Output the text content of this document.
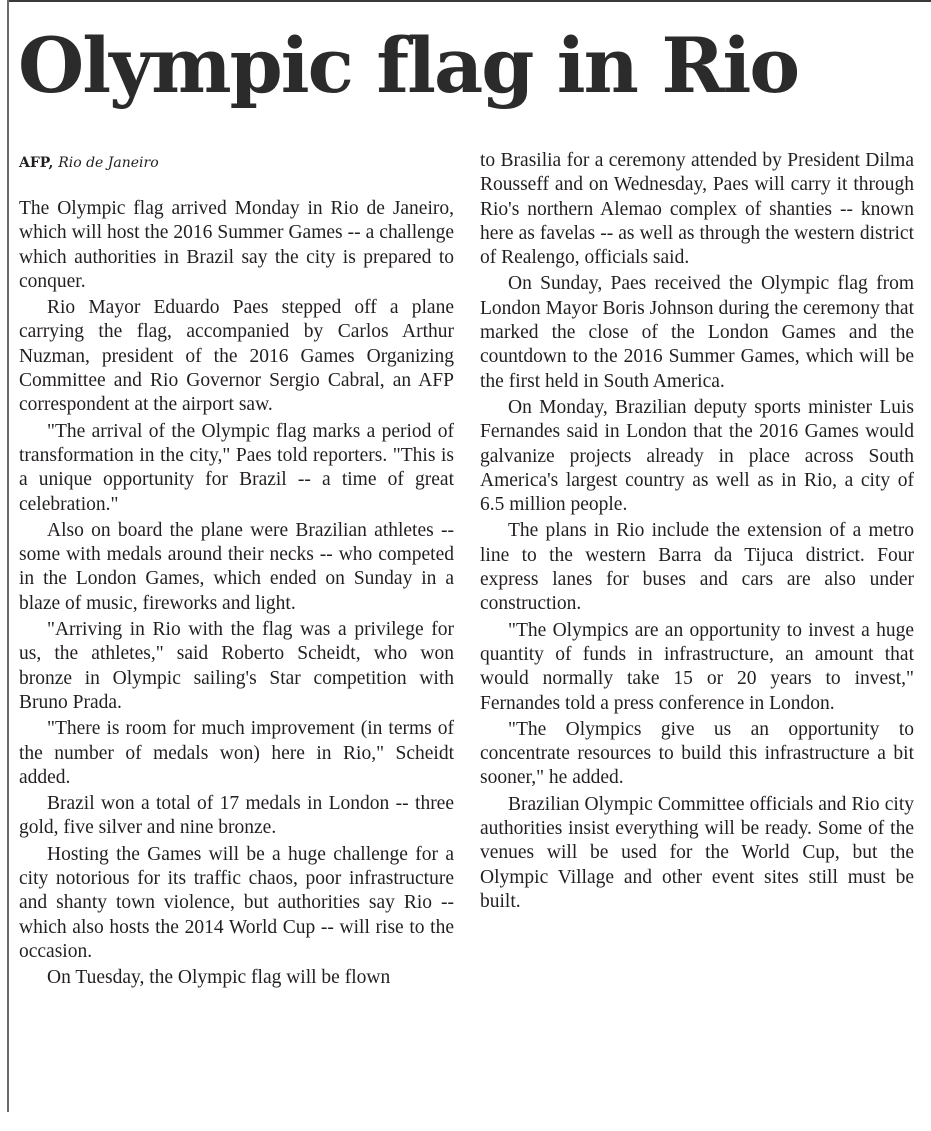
Olympic flag in Rio
AFP, Rio de Janeiro

The Olympic flag arrived Monday in Rio de Janeiro, which will host the 2016 Summer Games -- a challenge which authorities in Brazil say the city is prepared to conquer.

Rio Mayor Eduardo Paes stepped off a plane carrying the flag, accompanied by Carlos Arthur Nuzman, president of the 2016 Games Organizing Committee and Rio Governor Sergio Cabral, an AFP correspondent at the airport saw.

"The arrival of the Olympic flag marks a period of transformation in the city," Paes told reporters. "This is a unique opportunity for Brazil -- a time of great celebration."

Also on board the plane were Brazilian athletes -- some with medals around their necks -- who competed in the London Games, which ended on Sunday in a blaze of music, fireworks and light.

"Arriving in Rio with the flag was a privilege for us, the athletes," said Roberto Scheidt, who won bronze in Olympic sailing's Star competition with Bruno Prada.

"There is room for much improvement (in terms of the number of medals won) here in Rio," Scheidt added.

Brazil won a total of 17 medals in London -- three gold, five silver and nine bronze.

Hosting the Games will be a huge challenge for a city notorious for its traffic chaos, poor infrastructure and shanty town violence, but authorities say Rio -- which also hosts the 2014 World Cup -- will rise to the occasion.

On Tuesday, the Olympic flag will be flown

to Brasilia for a ceremony attended by President Dilma Rousseff and on Wednesday, Paes will carry it through Rio's northern Alemao complex of shanties -- known here as favelas -- as well as through the western district of Realengo, officials said.

On Sunday, Paes received the Olympic flag from London Mayor Boris Johnson during the ceremony that marked the close of the London Games and the countdown to the 2016 Summer Games, which will be the first held in South America.

On Monday, Brazilian deputy sports minister Luis Fernandes said in London that the 2016 Games would galvanize projects already in place across South America's largest country as well as in Rio, a city of 6.5 million people.

The plans in Rio include the extension of a metro line to the western Barra da Tijuca district. Four express lanes for buses and cars are also under construction.

"The Olympics are an opportunity to invest a huge quantity of funds in infrastructure, an amount that would normally take 15 or 20 years to invest," Fernandes told a press conference in London.

"The Olympics give us an opportunity to concentrate resources to build this infrastructure a bit sooner," he added.

Brazilian Olympic Committee officials and Rio city authorities insist everything will be ready. Some of the venues will be used for the World Cup, but the Olympic Village and other event sites still must be built.
